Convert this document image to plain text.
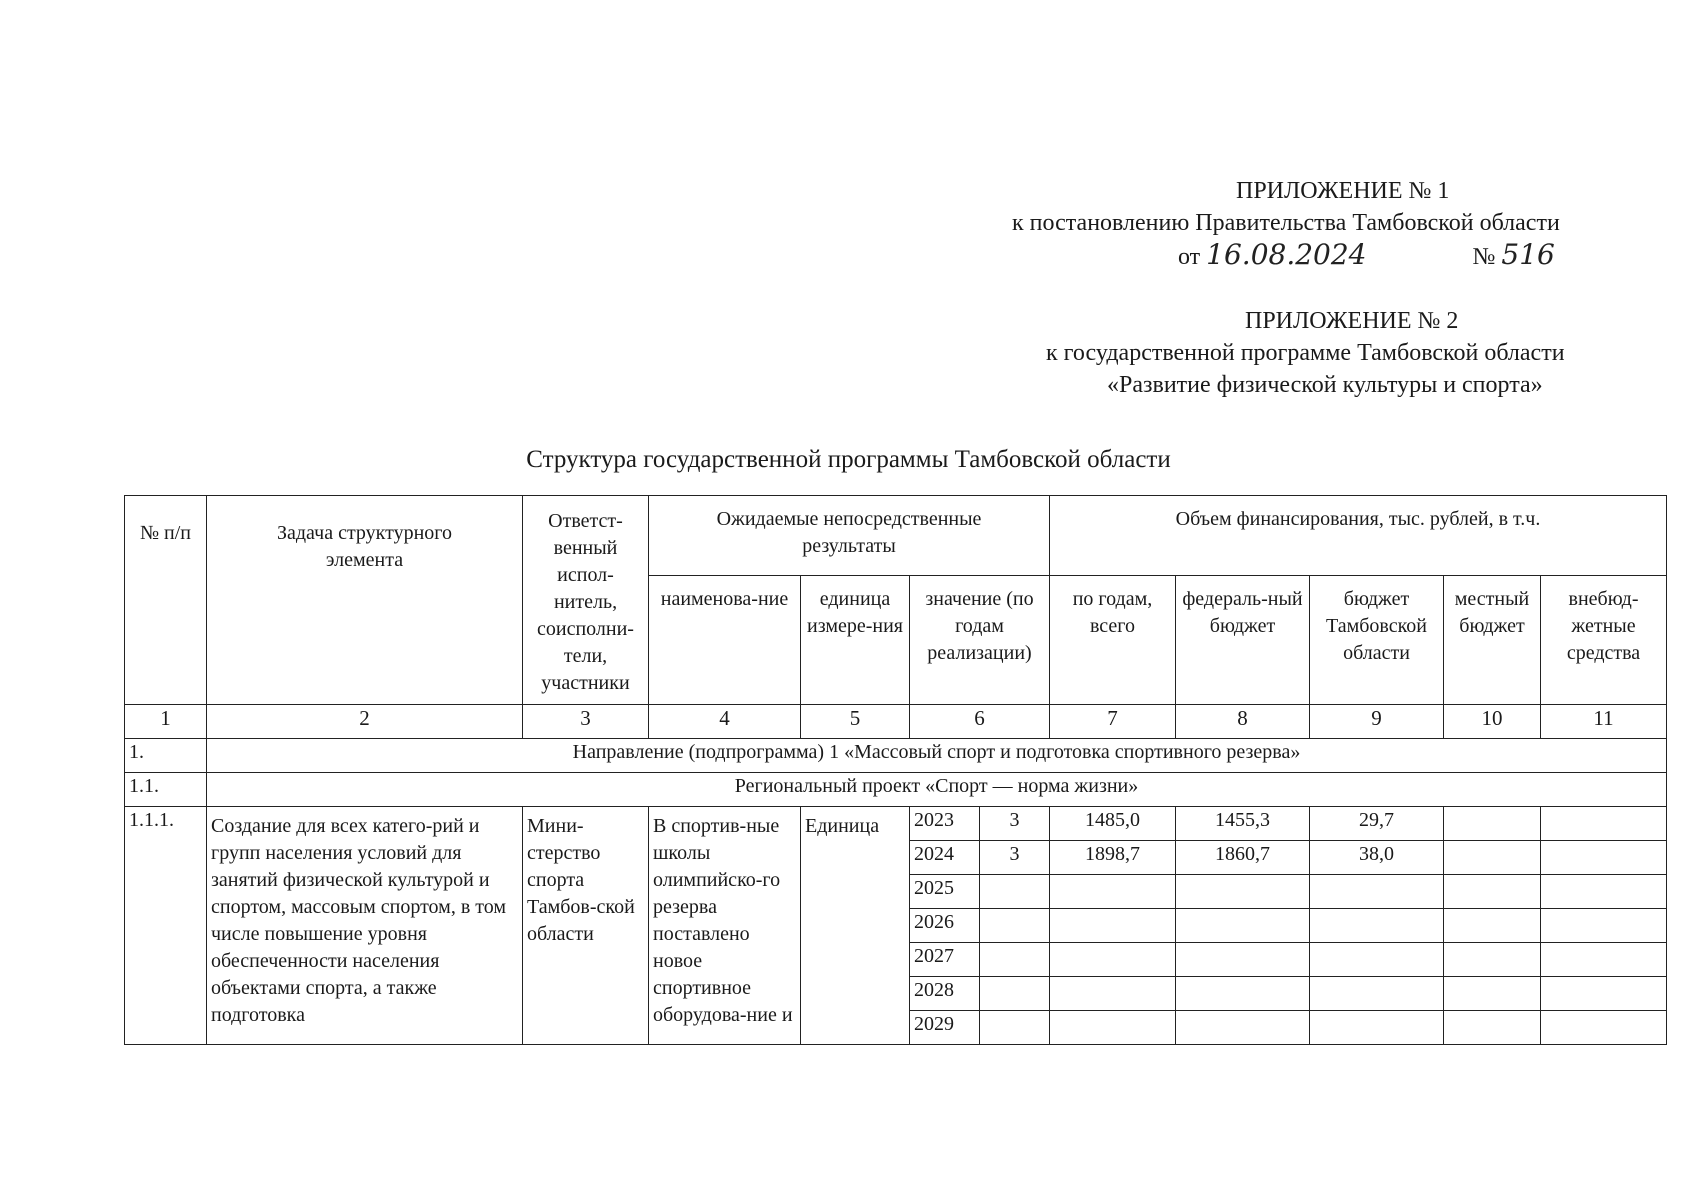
ПРИЛОЖЕНИЕ № 1
к постановлению Правительства Тамбовской области
от 16.08.2024	№ 516
ПРИЛОЖЕНИЕ № 2
к государственной программе Тамбовской области
«Развитие физической культуры и спорта»
Структура государственной программы Тамбовской области
№ п/п	Задача структурного элемента	Ответст-венный испол-нитель, соисполни-тели, участники	Ожидаемые непосредственные результаты				Объем финансирования, тыс. рублей, в т.ч.				
			наименова-ние	единица измере-ния	значение (по годам реализации)		по годам, всего	федераль-ный бюджет	бюджет Тамбовской области	местный бюджет	внебюд-жетные средства
1	2	3	4	5	6		7	8	9	10	11
1.	Направление (подпрограмма) 1 «Массовый спорт и подготовка спортивного резерва»										
1.1.	Региональный проект «Спорт — норма жизни»										
1.1.1.	Создание для всех катего-рий и групп населения условий для занятий физической культурой и спортом, массовым спортом, в том числе повышение уровня обеспеченности населения объектами спорта, а также подготовка	Мини-стерство спорта Тамбов-ской области	В спортив-ные школы олимпийско-го резерва поставлено новое спортивное оборудова-ние и	Единица	2023	3	1485,0	1455,3	29,7		
					2024	3	1898,7	1860,7	38,0		
					2025						
					2026						
					2027						
					2028						
					2029						
